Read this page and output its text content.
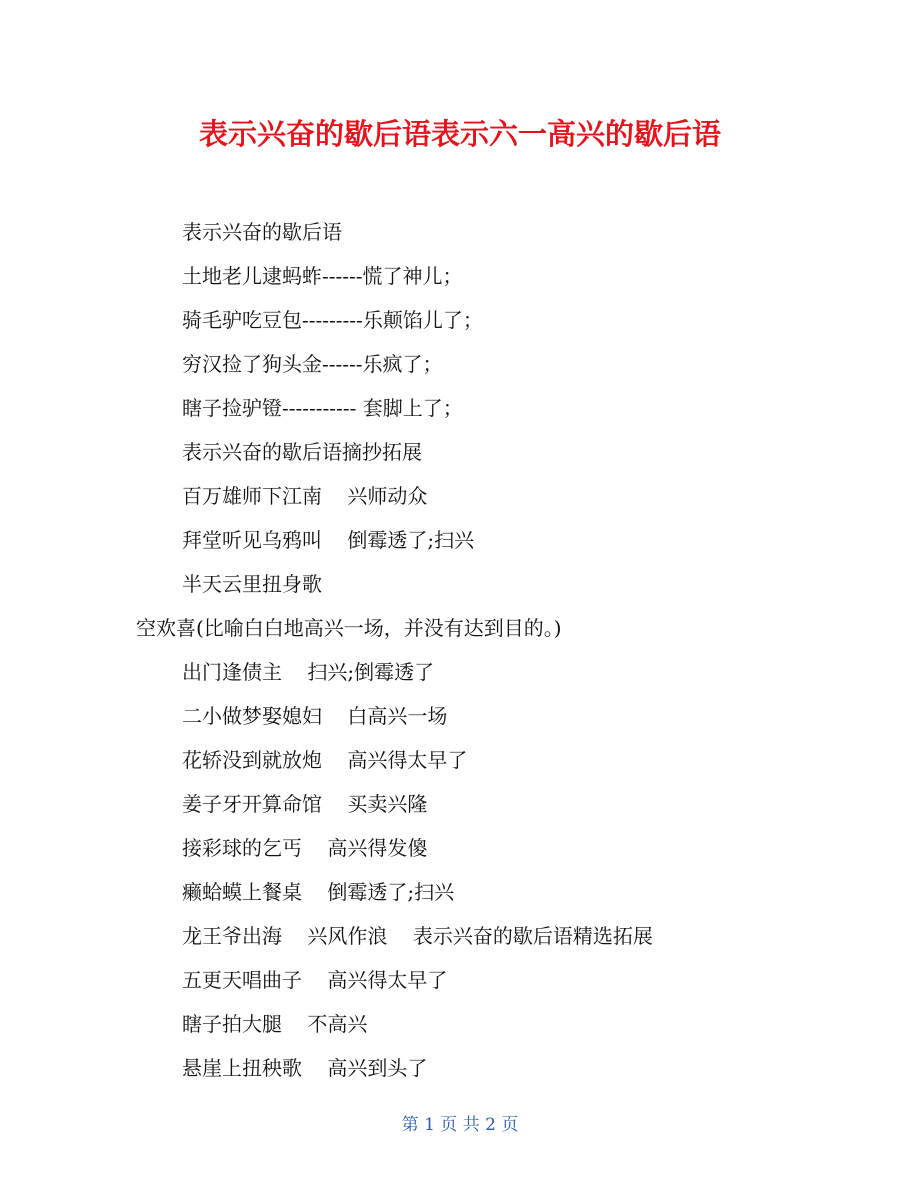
表示兴奋的歇后语表示六一高兴的歇后语
表示兴奋的歇后语
土地老儿逮蚂蚱------慌了神儿；
骑毛驴吃豆包---------乐颠馅儿了；
穷汉捡了狗头金------乐疯了；
瞎子捡驴镫----------- 套脚上了；
表示兴奋的歇后语摘抄拓展
百万雄师下江南    兴师动众
拜堂听见乌鸦叫    倒霉透了;扫兴
半天云里扭身歌
空欢喜(比喻白白地高兴一场，并没有达到目的。)
出门逢债主    扫兴;倒霉透了
二小做梦娶媳妇    白高兴一场
花轿没到就放炮    高兴得太早了
姜子牙开算命馆    买卖兴隆
接彩球的乞丐    高兴得发傻
癞蛤蟆上餐桌    倒霉透了;扫兴
龙王爷出海    兴风作浪    表示兴奋的歇后语精选拓展
五更天唱曲子    高兴得太早了
瞎子拍大腿    不高兴
悬崖上扭秧歌    高兴到头了
第 1 页 共 2 页
